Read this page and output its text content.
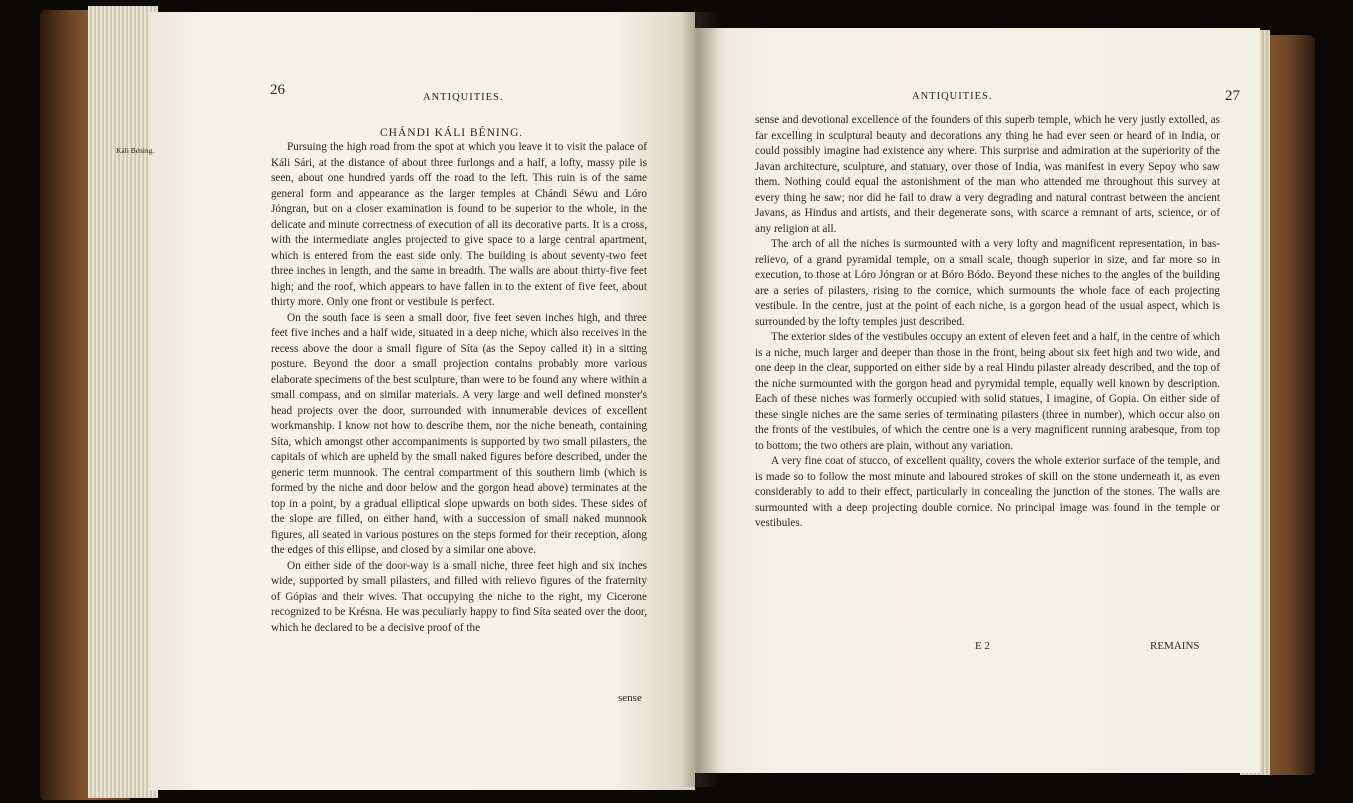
26	ANTIQUITIES.
CHÁNDI KÁLI BÉNING.
Káli Béning.	Pursuing the high road from the spot at which you leave it to visit the palace of Káli Sári, at the distance of about three furlongs and a half, a lofty, massy pile is seen, about one hundred yards off the road to the left. This ruin is of the same general form and appearance as the larger temples at Chándi Séwu and Lóro Jóngran, but on a closer examination is found to be superior to the whole, in the delicate and minute correctness of execution of all its decorative parts. It is a cross, with the intermediate angles projected to give space to a large central apartment, which is entered from the east side only. The building is about seventy-two feet three inches in length, and the same in breadth. The walls are about thirty-five feet high; and the roof, which appears to have fallen in to the extent of five feet, about thirty more. Only one front or vestibule is perfect.

On the south face is seen a small door, five feet seven inches high, and three feet five inches and a half wide, situated in a deep niche, which also receives in the recess above the door a small figure of Síta (as the Sepoy called it) in a sitting posture. Beyond the door a small projection contains probably more various elaborate specimens of the best sculpture, than were to be found any where within a small compass, and on similar materials. A very large and well defined monster's head projects over the door, surrounded with innumerable devices of excellent workmanship. I know not how to describe them, nor the niche beneath, containing Síta, which amongst other accompaniments is supported by two small pilasters, the capitals of which are upheld by the small naked figures before described, under the generic term munnook. The central compartment of this southern limb (which is formed by the niche and door below and the gorgon head above) terminates at the top in a point, by a gradual elliptical slope upwards on both sides. These sides of the slope are filled, on either hand, with a succession of small naked munnook figures, all seated in various postures on the steps formed for their reception, along the edges of this ellipse, and closed by a similar one above.

On either side of the door-way is a small niche, three feet high and six inches wide, supported by small pilasters, and filled with relievo figures of the fraternity of Gópias and their wives. That occupying the niche to the right, my Cicerone recognized to be Krésna. He was peculiarly happy to find Síta seated over the door, which he declared to be a decisive proof of the

sense
ANTIQUITIES.	27

sense and devotional excellence of the founders of this superb temple, which he very justly extolled, as far excelling in sculptural beauty and decorations any thing he had ever seen or heard of in India, or could possibly imagine had existence any where. This surprise and admiration at the superiority of the Javan architecture, sculpture, and statuary, over those of India, was manifest in every Sepoy who saw them. Nothing could equal the astonishment of the man who attended me throughout this survey at every thing he saw; nor did he fail to draw a very degrading and natural contrast between the ancient Javans, as Hindus and artists, and their degenerate sons, with scarce a remnant of arts, science, or of any religion at all.

The arch of all the niches is surmounted with a very lofty and magnificent representation, in bas-relievo, of a grand pyramidal temple, on a small scale, though superior in size, and far more so in execution, to those at Lóro Jóngran or at Bóro Bódo. Beyond these niches to the angles of the building are a series of pilasters, rising to the cornice, which surmounts the whole face of each projecting vestibule. In the centre, just at the point of each niche, is a gorgon head of the usual aspect, which is surrounded by the lofty temples just described.

The exterior sides of the vestibules occupy an extent of eleven feet and a half, in the centre of which is a niche, much larger and deeper than those in the front, being about six feet high and two wide, and one deep in the clear, supported on either side by a real Hindu pilaster already described, and the top of the niche surmounted with the gorgon head and pyrymidal temple, equally well known by description. Each of these niches was formerly occupied with solid statues, I imagine, of Gopia. On either side of these single niches are the same series of terminating pilasters (three in number), which occur also on the fronts of the vestibules, of which the centre one is a very magnificent running arabesque, from top to bottom; the two others are plain, without any variation.

A very fine coat of stucco, of excellent quality, covers the whole exterior surface of the temple, and is made so to follow the most minute and laboured strokes of skill on the stone underneath it, as even considerably to add to their effect, particularly in concealing the junction of the stones. The walls are surmounted with a deep projecting double cornice. No principal image was found in the temple or vestibules.

E 2	REMAINS
